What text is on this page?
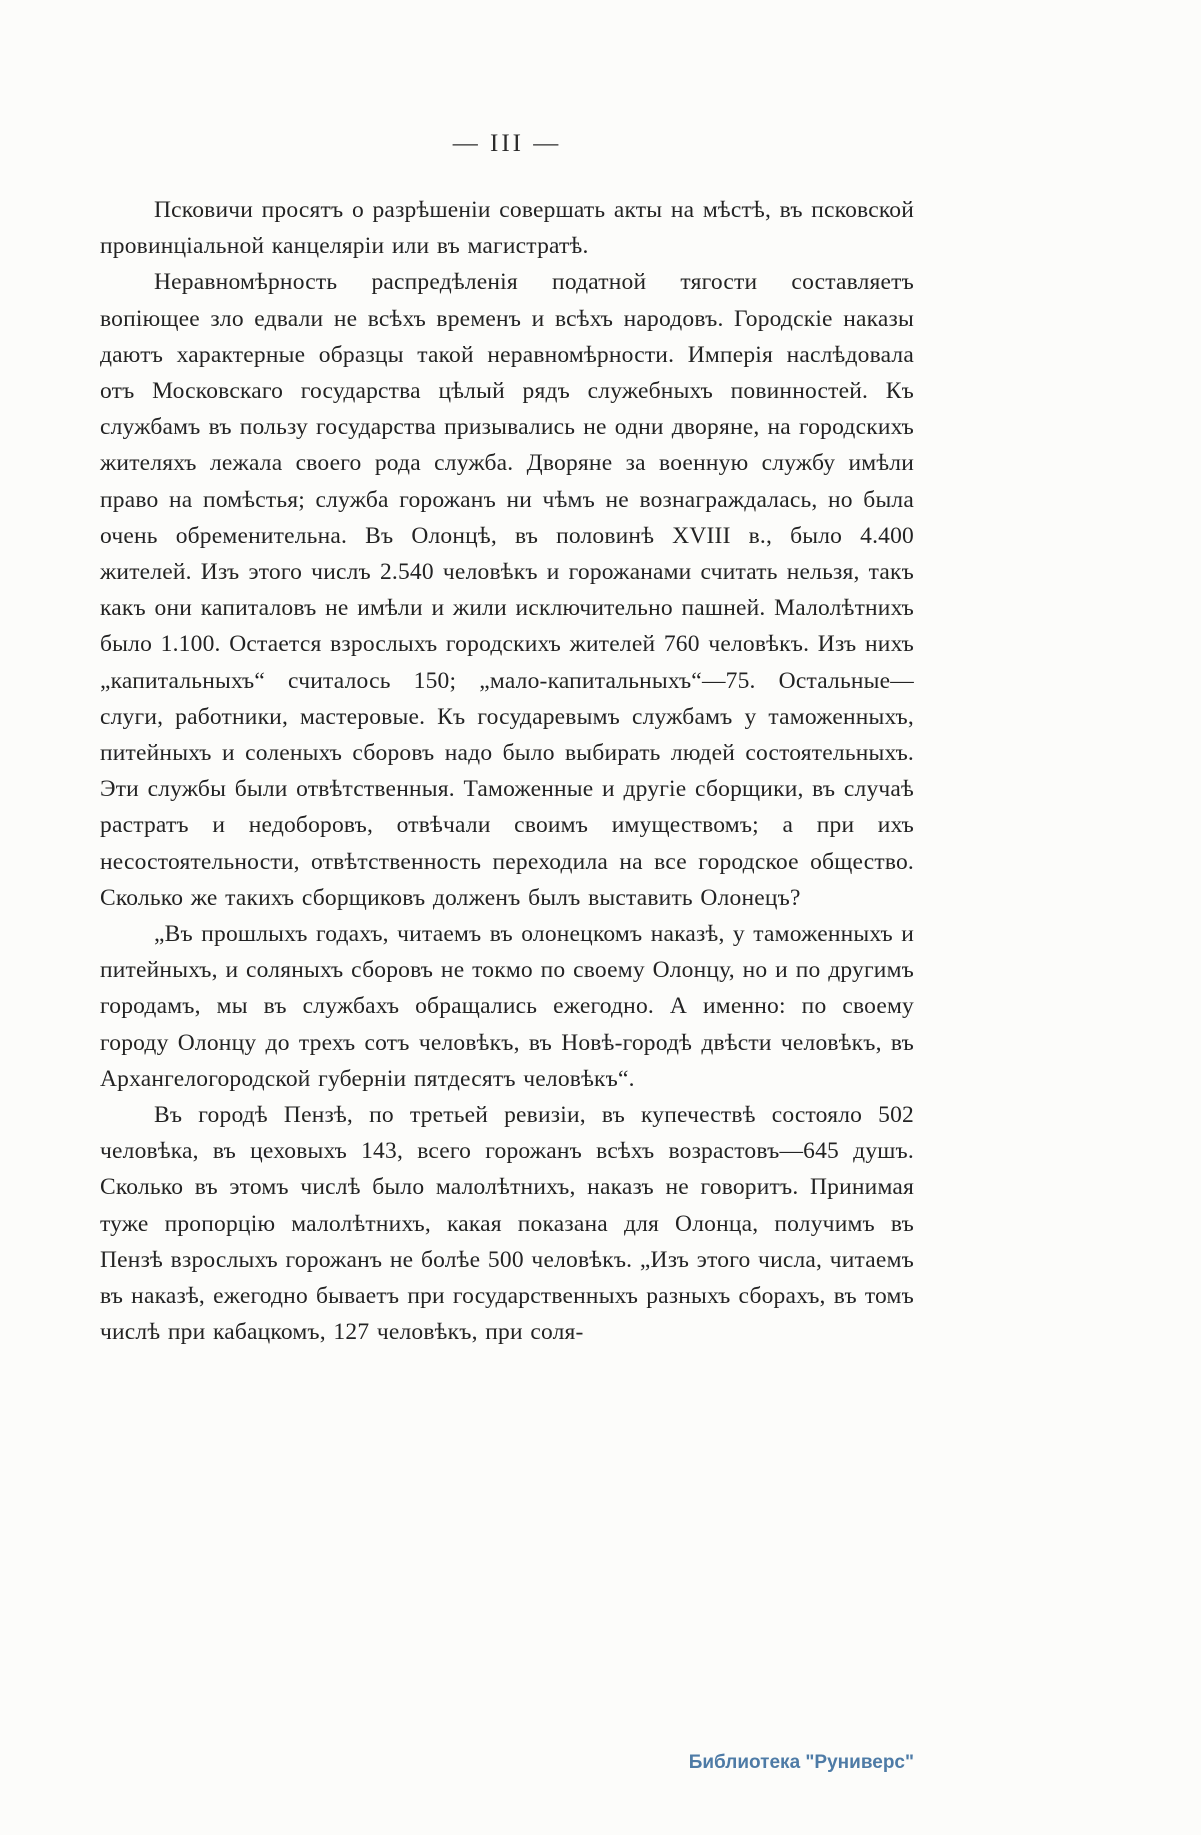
— III —

Псковичи просятъ о разрѣшеніи совершать акты на мѣстѣ, въ псковской провинціальной канцеляріи или въ магистратѣ.

Неравномѣрность распредѣленія податной тягости составляетъ вопіющее зло едвали не всѣхъ временъ и всѣхъ народовъ. Городскіе наказы даютъ характерные образцы такой неравномѣрности. Имперія наслѣдовала отъ Московскаго государства цѣлый рядъ служебныхъ повинностей. Къ службамъ въ пользу государства призывались не одни дворяне, на городскихъ жителяхъ лежала своего рода служба. Дворяне за военную службу имѣли право на помѣстья; служба горожанъ ни чѣмъ не вознаграждалась, но была очень обременительна. Въ Олонцѣ, въ половинѣ XVIII в., было 4.400 жителей. Изъ этого числъ 2.540 человѣкъ и горожанами считать нельзя, такъ какъ они капиталовъ не имѣли и жили исключительно пашней. Малолѣтнихъ было 1.100. Остается взрослыхъ городскихъ жителей 760 человѣкъ. Изъ нихъ „капитальныхъ“ считалось 150; „мало-капитальныхъ“—75. Остальные—слуги, работники, мастеровые. Къ государевымъ службамъ у таможенныхъ, питейныхъ и соленыхъ сборовъ надо было выбирать людей состоятельныхъ. Эти службы были отвѣтственныя. Таможенные и другіе сборщики, въ случаѣ растратъ и недоборовъ, отвѣчали своимъ имуществомъ; а при ихъ несостоятельности, отвѣтственность переходила на все городское общество. Сколько же такихъ сборщиковъ долженъ былъ выставить Олонецъ?

„Въ прошлыхъ годахъ, читаемъ въ олонецкомъ наказѣ, у таможенныхъ и питейныхъ, и соляныхъ сборовъ не токмо по своему Олонцу, но и по другимъ городамъ, мы въ службахъ обращались ежегодно. А именно: по своему городу Олонцу до трехъ сотъ человѣкъ, въ Новѣ-городѣ двѣсти человѣкъ, въ Архангелогородской губерніи пятдесятъ человѣкъ“.

Въ городѣ Пензѣ, по третьей ревизіи, въ купечествѣ состояло 502 человѣка, въ цеховыхъ 143, всего горожанъ всѣхъ возрастовъ—645 душъ. Сколько въ этомъ числѣ было малолѣтнихъ, наказъ не говоритъ. Принимая туже пропорцію малолѣтнихъ, какая показана для Олонца, получимъ въ Пензѣ взрослыхъ горожанъ не болѣе 500 человѣкъ. „Изъ этого числа, читаемъ въ наказѣ, ежегодно бываетъ при государственныхъ разныхъ сборахъ, въ томъ числѣ при кабацкомъ, 127 человѣкъ, при соля-

Библиотека "Руниверс"
